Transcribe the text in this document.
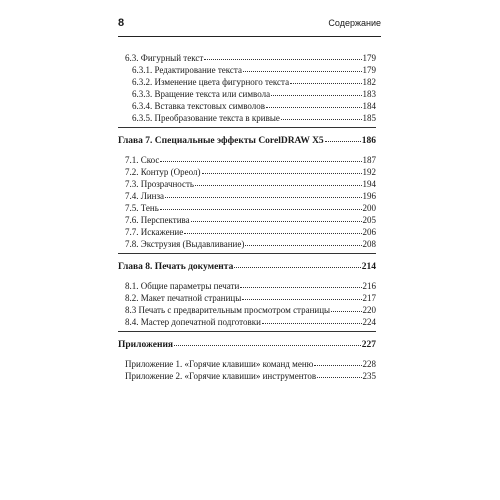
8	Содержание
6.3. Фигурный текст	179
6.3.1. Редактирование текста	179
6.3.2. Изменение цвета фигурного текста	182
6.3.3. Вращение текста или символа	183
6.3.4. Вставка текстовых символов	184
6.3.5. Преобразование текста в кривые	185
Глава 7. Специальные эффекты CorelDRAW X5	186
7.1. Скос	187
7.2. Контур (Ореол)	192
7.3. Прозрачность	194
7.4. Линза	196
7.5. Тень	200
7.6. Перспектива	205
7.7. Искажение	206
7.8. Экструзия (Выдавливание)	208
Глава 8. Печать документа	214
8.1. Общие параметры печати	216
8.2. Макет печатной страницы	217
8.3 Печать с предварительным просмотром страницы	220
8.4. Мастер допечатной подготовки	224
Приложения	227
Приложение 1. «Горячие клавиши» команд меню	228
Приложение 2. «Горячие клавиши» инструментов	235
